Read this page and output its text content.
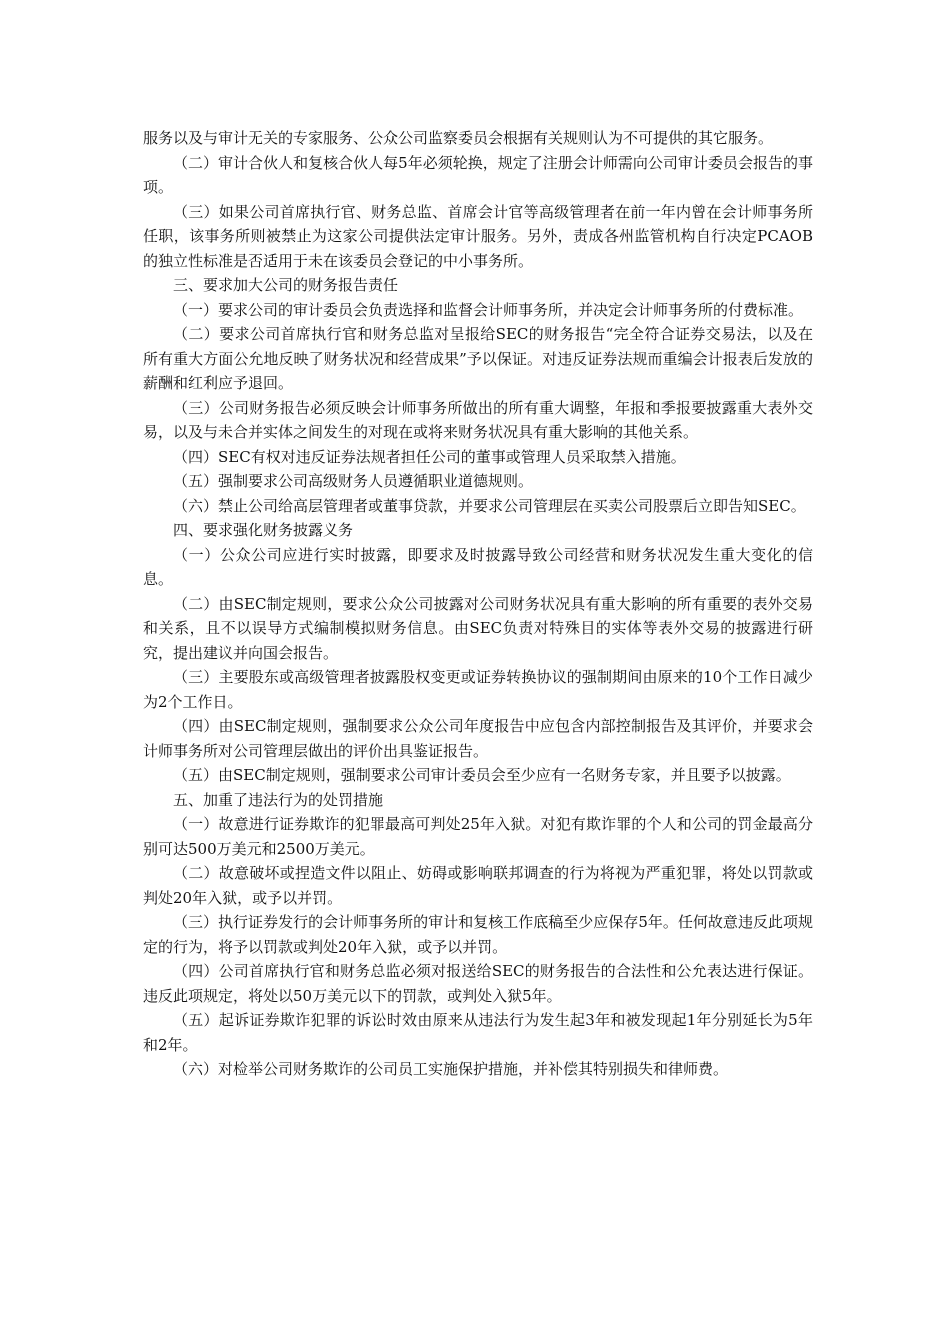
服务以及与审计无关的专家服务、公众公司监察委员会根据有关规则认为不可提供的其它服务。

（二）审计合伙人和复核合伙人每5年必须轮换，规定了注册会计师需向公司审计委员会报告的事项。

（三）如果公司首席执行官、财务总监、首席会计官等高级管理者在前一年内曾在会计师事务所任职，该事务所则被禁止为这家公司提供法定审计服务。另外，责成各州监管机构自行决定PCAOB的独立性标准是否适用于未在该委员会登记的中小事务所。

三、要求加大公司的财务报告责任

（一）要求公司的审计委员会负责选择和监督会计师事务所，并决定会计师事务所的付费标准。

（二）要求公司首席执行官和财务总监对呈报给SEC的财务报告“完全符合证券交易法，以及在所有重大方面公允地反映了财务状况和经营成果”予以保证。对违反证券法规而重编会计报表后发放的薪酬和红利应予退回。

（三）公司财务报告必须反映会计师事务所做出的所有重大调整，年报和季报要披露重大表外交易，以及与未合并实体之间发生的对现在或将来财务状况具有重大影响的其他关系。

（四）SEC有权对违反证券法规者担任公司的董事或管理人员采取禁入措施。

（五）强制要求公司高级财务人员遵循职业道德规则。

（六）禁止公司给高层管理者或董事贷款，并要求公司管理层在买卖公司股票后立即告知SEC。

四、要求强化财务披露义务

（一）公众公司应进行实时披露，即要求及时披露导致公司经营和财务状况发生重大变化的信息。

（二）由SEC制定规则，要求公众公司披露对公司财务状况具有重大影响的所有重要的表外交易和关系，且不以误导方式编制模拟财务信息。由SEC负责对特殊目的实体等表外交易的披露进行研究，提出建议并向国会报告。

（三）主要股东或高级管理者披露股权变更或证券转换协议的强制期间由原来的10个工作日减少为2个工作日。

（四）由SEC制定规则，强制要求公众公司年度报告中应包含内部控制报告及其评价，并要求会计师事务所对公司管理层做出的评价出具鉴证报告。

（五）由SEC制定规则，强制要求公司审计委员会至少应有一名财务专家，并且要予以披露。

五、加重了违法行为的处罚措施

（一）故意进行证券欺诈的犯罪最高可判处25年入狱。对犯有欺诈罪的个人和公司的罚金最高分别可达500万美元和2500万美元。

（二）故意破坏或捏造文件以阻止、妨碍或影响联邦调查的行为将视为严重犯罪，将处以罚款或判处20年入狱，或予以并罚。

（三）执行证券发行的会计师事务所的审计和复核工作底稿至少应保存5年。任何故意违反此项规定的行为，将予以罚款或判处20年入狱，或予以并罚。

（四）公司首席执行官和财务总监必须对报送给SEC的财务报告的合法性和公允表达进行保证。违反此项规定，将处以50万美元以下的罚款，或判处入狱5年。

（五）起诉证券欺诈犯罪的诉讼时效由原来从违法行为发生起3年和被发现起1年分别延长为5年和2年。

（六）对检举公司财务欺诈的公司员工实施保护措施，并补偿其特别损失和律师费。
